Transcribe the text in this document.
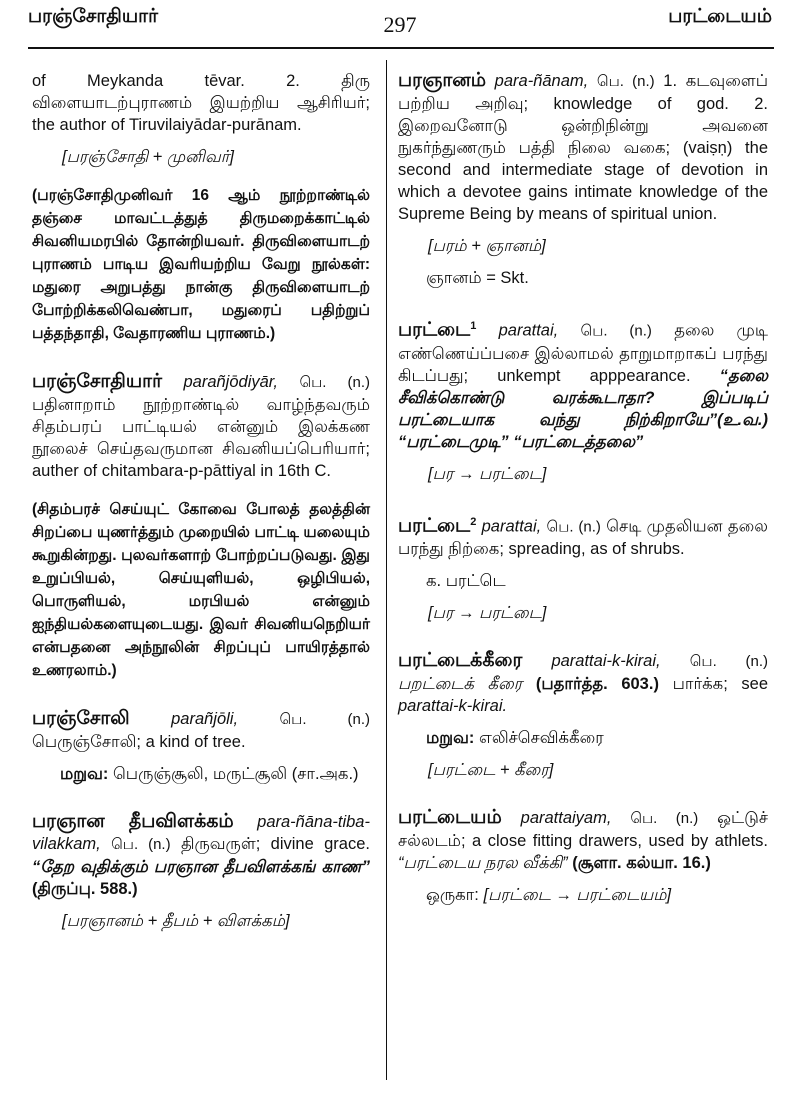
பரஞ்சோதியார்	297	பரட்டையம்

of Meykanda tēvar. 2. திரு விளையாடற்புராணம் இயற்றிய ஆசிரியர்; the author of Tiruvilaiyādar-purānam.

[பரஞ்சோதி + முனிவர்]

(பரஞ்சோதிமுனிவர் 16 ஆம் நூற்றாண்டில் தஞ்சை மாவட்டத்துத் திருமறைக்காட்டில் சிவனியமரபில் தோன்றியவர். திருவிளையாடற் புராணம் பாடிய இவரியற்றிய வேறு நூல்கள்: மதுரை அறுபத்து நான்கு திருவிளையாடற் போற்றிக்கலிவெண்பா, மதுரைப் பதிற்றுப் பத்தந்தாதி, வேதாரணிய புராணம்.)

பரஞ்சோதியார் parañjōdiyār, பெ. (n.) பதினாறாம் நூற்றாண்டில் வாழ்ந்தவரும் சிதம்பரப் பாட்டியல் என்னும் இலக்கண நூலைச் செய்தவருமான சிவனியப்பெரியார்; auther of chitambara-p-pāttiyal in 16th C.

(சிதம்பரச் செய்யுட் கோவை போலத் தலத்தின் சிறப்பை யுணர்த்தும் முறையில் பாட்டி யலையும் கூறுகின்றது. புலவர்களாற் போற்றப்படுவது. இது உறுப்பியல், செய்யுளியல், ஒழிபியல், பொருளியல், மரபியல் என்னும் ஐந்தியல்களையுடையது. இவர் சிவனியநெறியர் என்பதனை அந்நூலின் சிறப்புப் பாயிரத்தால் உணரலாம்.)

பரஞ்சோலி	parañjōli,	பெ. (n.) பெருஞ்சோலி; a kind of tree.

மறுவ: பெருஞ்சூலி, மருட்சூலி (சா.அக.)

பரஞான தீபவிளக்கம் para-ñāna-tiba-vilakkam, பெ. (n.) திருவருள்; divine grace. “தேற வுதிக்கும் பரஞான தீபவிளக்கங் காண” (திருப்பு. 588.)

[பரஞானம் + தீபம் + விளக்கம்]

பரஞானம் para-ñānam, பெ. (n.) 1. கடவுளைப் பற்றிய அறிவு; knowledge of god. 2. இறைவனோடு ஒன்றிநின்று அவனை நுகர்ந்துணரும் பத்தி நிலை வகை; (vaiṣṇ) the second and intermediate stage of devotion in which a devotee gains intimate knowledge of the Supreme Being by means of spiritual union.

[பரம் + ஞானம்]

ஞானம் = Skt.

பரட்டை$^1$ parattai, பெ. (n.) தலை முடி எண்ணெய்ப்பசை இல்லாமல் தாறுமாறாகப் பரந்து கிடப்பது; unkempt apppearance. “தலை சீவிக்கொண்டு வரக்கூடாதா? இப்படிப் பரட்டையாக வந்து நிற்கிறாயே”(உ.வ.) “பரட்டைமுடி” “பரட்டைத்தலை”

[பர → பரட்டை]

பரட்டை$^2$ parattai, பெ. (n.) செடி முதலியன தலை பரந்து நிற்கை; spreading, as of shrubs.

க. பரட்டெ

[பர → பரட்டை]

பரட்டைக்கீரை parattai-k-kirai, பெ. (n.) பறட்டைக் கீரை (பதார்த்த. 603.) பார்க்க; see parattai-k-kirai.

மறுவ: எலிச்செவிக்கீரை

[பரட்டை + கீரை]

பரட்டையம் parattaiyam, பெ. (n.) ஒட்டுச் சல்லடம்; a close fitting drawers, used by athlets. “பரட்டைய நரல வீக்கி” (சூளா. கல்யா. 16.)

ஒருகா: [பரட்டை → பரட்டையம்]
